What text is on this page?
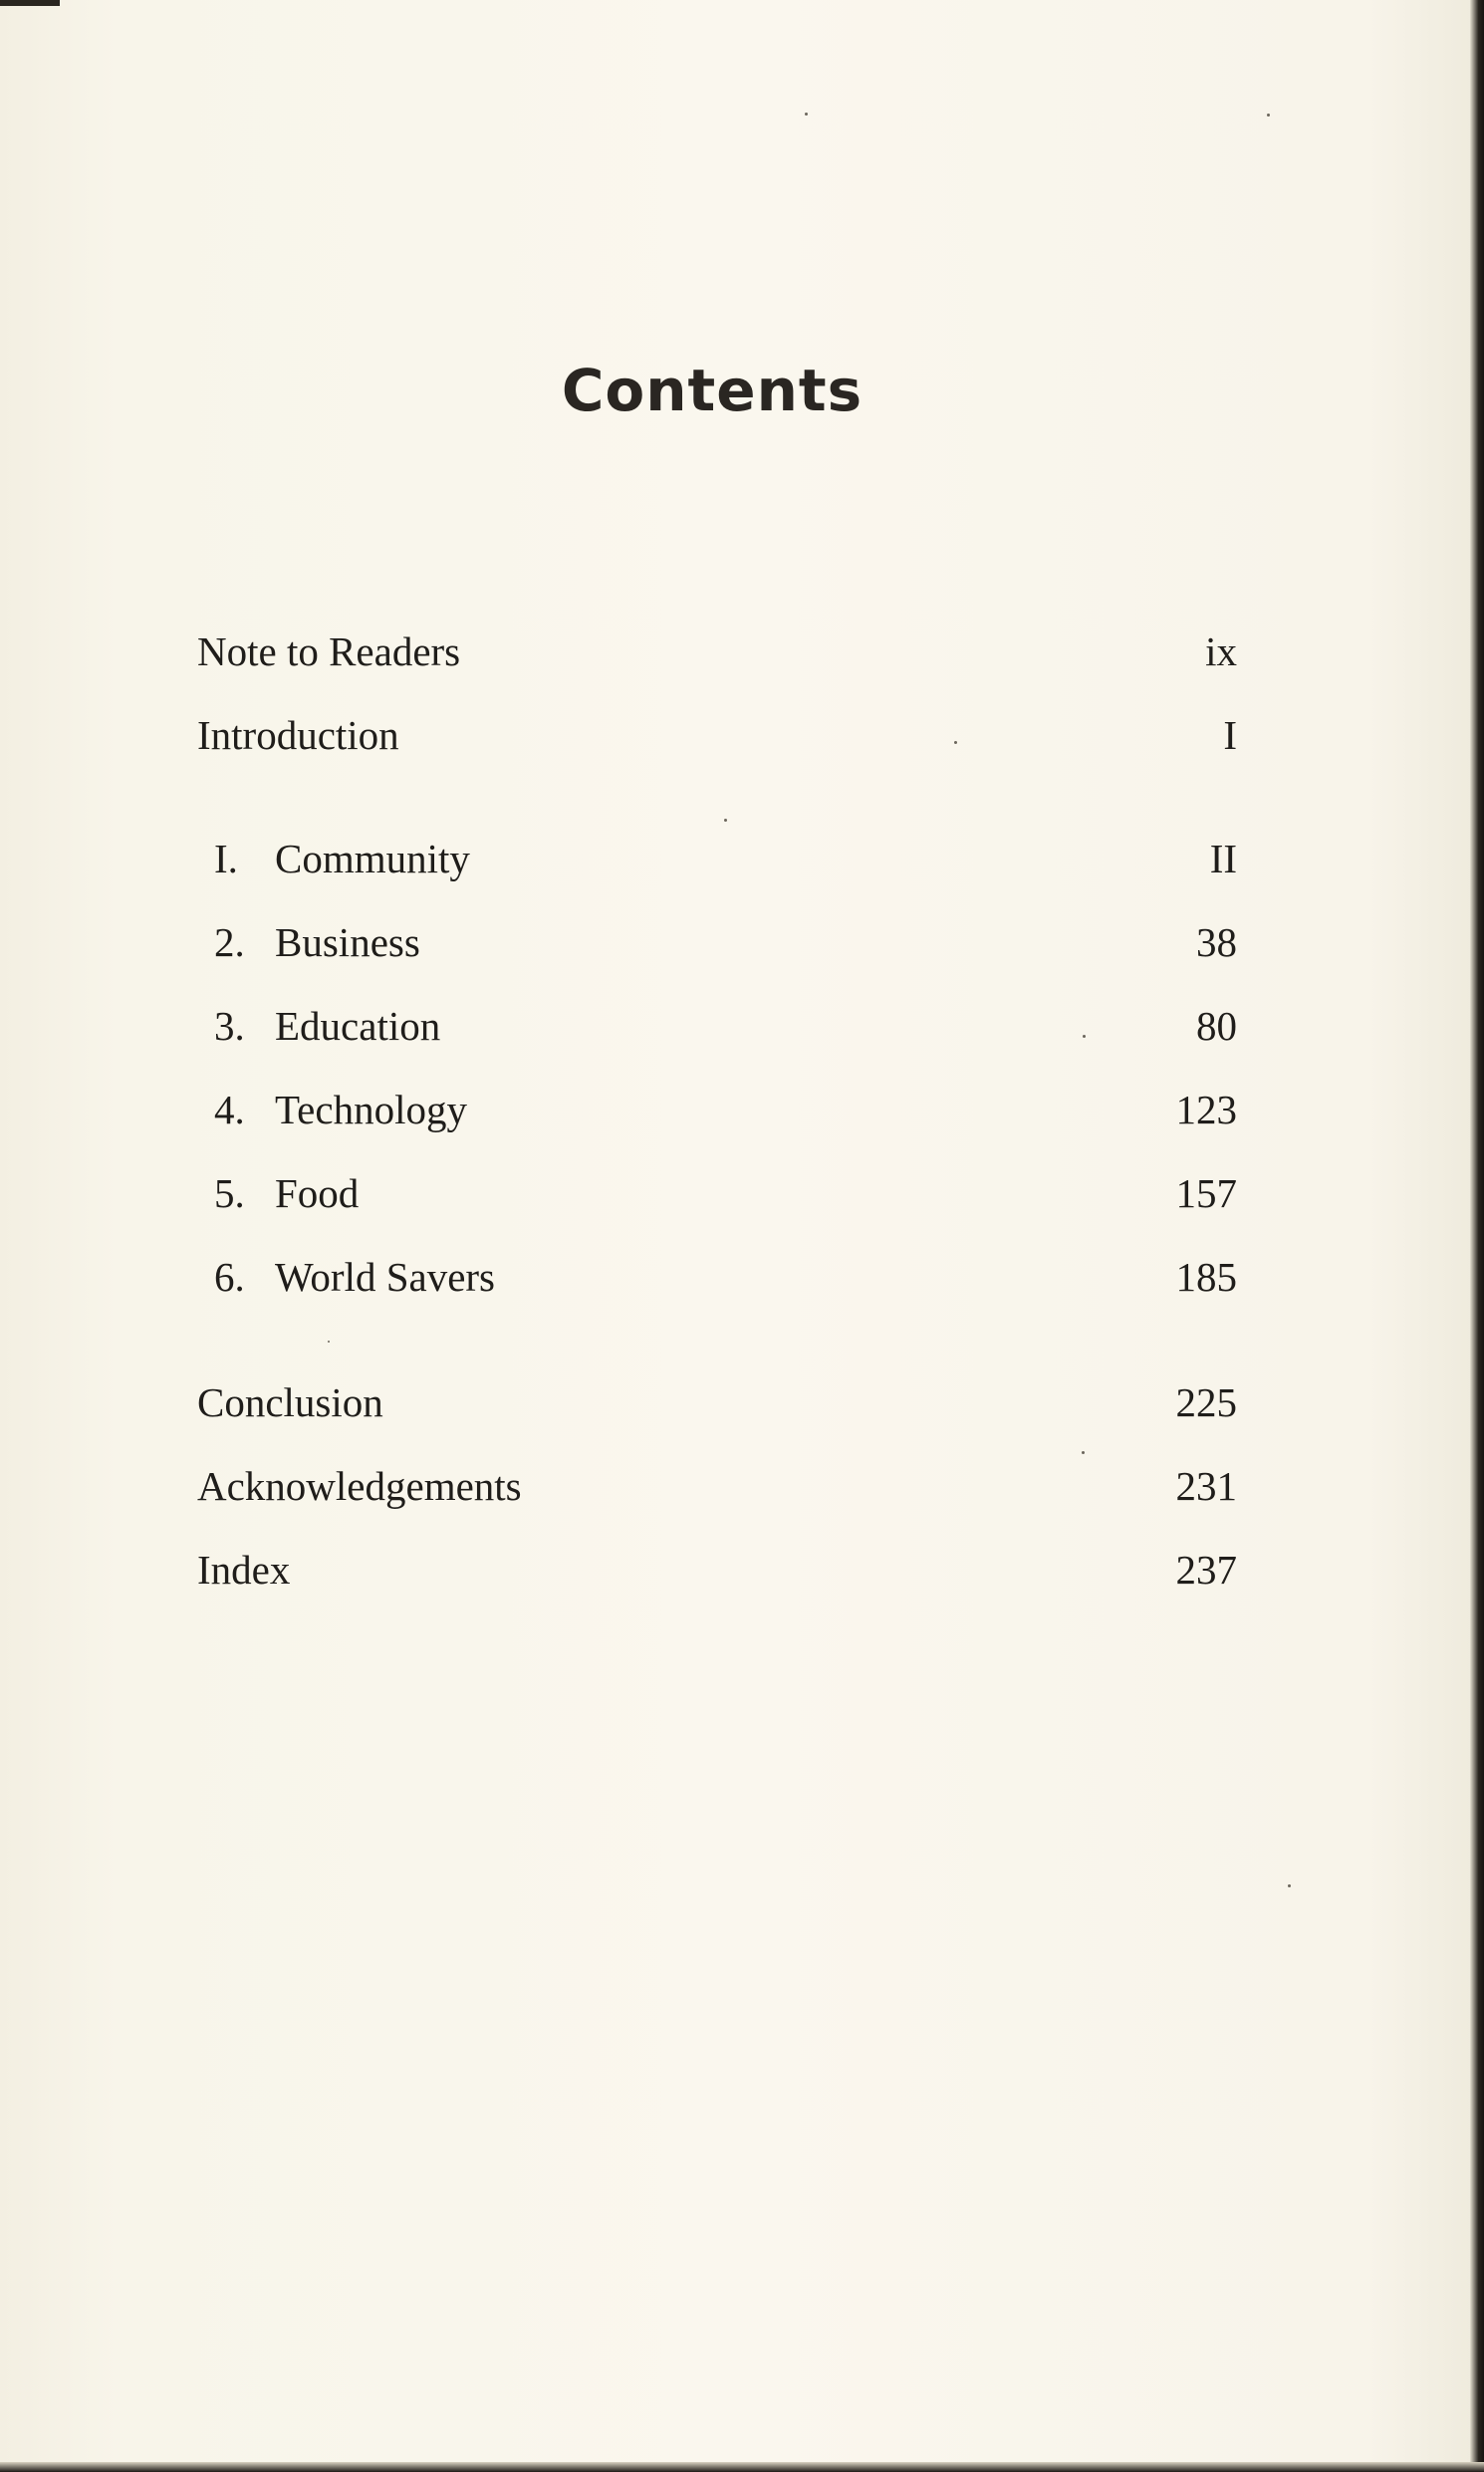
Contents
Note to Readers	ix
Introduction	I
I. Community	II
2. Business	38
3. Education	80
4. Technology	123
5. Food	157
6. World Savers	185
Conclusion	225
Acknowledgements	231
Index	237
